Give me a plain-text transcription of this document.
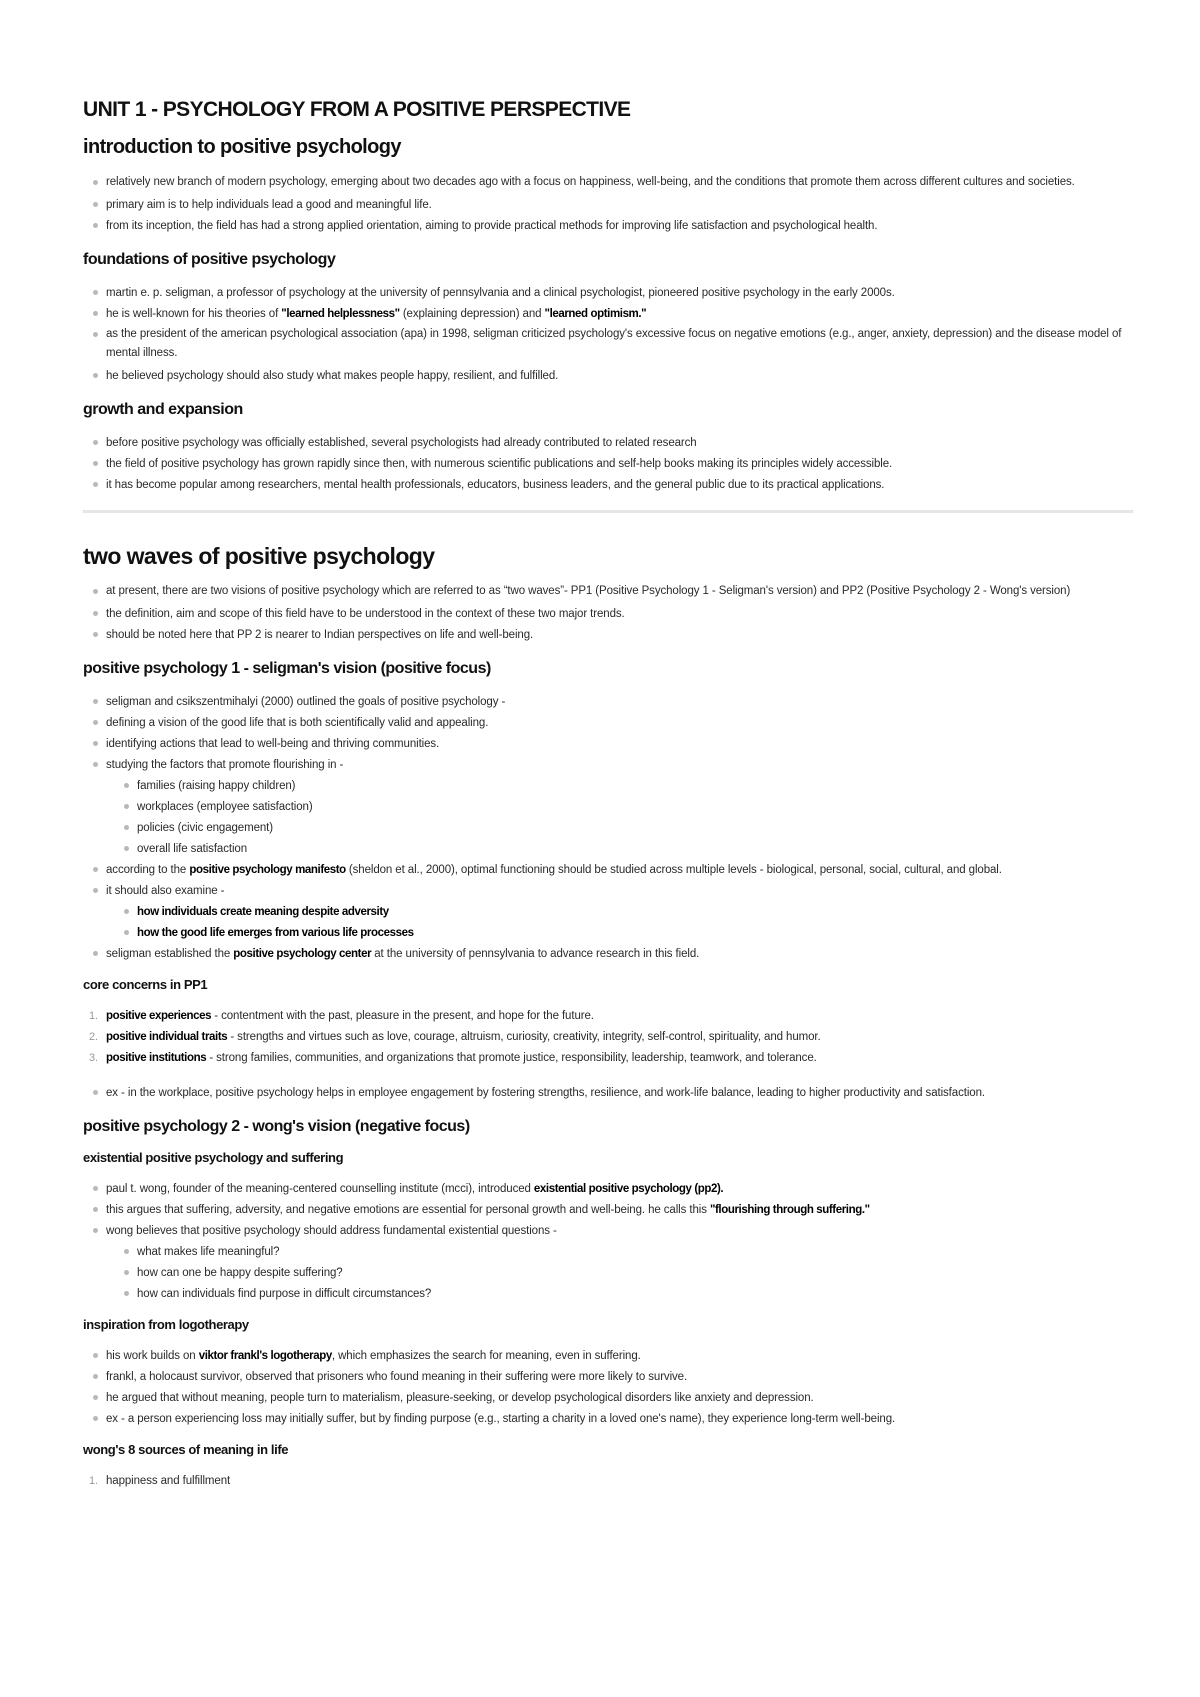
UNIT 1 - PSYCHOLOGY FROM A POSITIVE PERSPECTIVE
introduction to positive psychology
relatively new branch of modern psychology, emerging about two decades ago with a focus on happiness, well-being, and the conditions that promote them across different cultures and societies.
primary aim is to help individuals lead a good and meaningful life.
from its inception, the field has had a strong applied orientation, aiming to provide practical methods for improving life satisfaction and psychological health.
foundations of positive psychology
martin e. p. seligman, a professor of psychology at the university of pennsylvania and a clinical psychologist, pioneered positive psychology in the early 2000s.
he is well-known for his theories of "learned helplessness" (explaining depression) and "learned optimism."
as the president of the american psychological association (apa) in 1998, seligman criticized psychology's excessive focus on negative emotions (e.g., anger, anxiety, depression) and the disease model of mental illness.
he believed psychology should also study what makes people happy, resilient, and fulfilled.
growth and expansion
before positive psychology was officially established, several psychologists had already contributed to related research
the field of positive psychology has grown rapidly since then, with numerous scientific publications and self-help books making its principles widely accessible.
it has become popular among researchers, mental health professionals, educators, business leaders, and the general public due to its practical applications.
two waves of positive psychology
at present, there are two visions of positive psychology which are referred to as “two waves”- PP1 (Positive Psychology 1 - Seligman's version) and PP2 (Positive Psychology 2 - Wong's version)
the definition, aim and scope of this field have to be understood in the context of these two major trends.
should be noted here that PP 2 is nearer to Indian perspectives on life and well-being.
positive psychology 1 - seligman's vision (positive focus)
seligman and csikszentmihalyi (2000) outlined the goals of positive psychology -
defining a vision of the good life that is both scientifically valid and appealing.
identifying actions that lead to well-being and thriving communities.
studying the factors that promote flourishing in -
families (raising happy children)
workplaces (employee satisfaction)
policies (civic engagement)
overall life satisfaction
according to the positive psychology manifesto (sheldon et al., 2000), optimal functioning should be studied across multiple levels - biological, personal, social, cultural, and global.
it should also examine -
how individuals create meaning despite adversity
how the good life emerges from various life processes
seligman established the positive psychology center at the university of pennsylvania to advance research in this field.
core concerns in PP1
positive experiences - contentment with the past, pleasure in the present, and hope for the future.
positive individual traits - strengths and virtues such as love, courage, altruism, curiosity, creativity, integrity, self-control, spirituality, and humor.
positive institutions - strong families, communities, and organizations that promote justice, responsibility, leadership, teamwork, and tolerance.
ex - in the workplace, positive psychology helps in employee engagement by fostering strengths, resilience, and work-life balance, leading to higher productivity and satisfaction.
positive psychology 2 - wong's vision (negative focus)
existential positive psychology and suffering
paul t. wong, founder of the meaning-centered counselling institute (mcci), introduced existential positive psychology (pp2).
this argues that suffering, adversity, and negative emotions are essential for personal growth and well-being. he calls this "flourishing through suffering."
wong believes that positive psychology should address fundamental existential questions -
what makes life meaningful?
how can one be happy despite suffering?
how can individuals find purpose in difficult circumstances?
inspiration from logotherapy
his work builds on viktor frankl's logotherapy, which emphasizes the search for meaning, even in suffering.
frankl, a holocaust survivor, observed that prisoners who found meaning in their suffering were more likely to survive.
he argued that without meaning, people turn to materialism, pleasure-seeking, or develop psychological disorders like anxiety and depression.
ex - a person experiencing loss may initially suffer, but by finding purpose (e.g., starting a charity in a loved one's name), they experience long-term well-being.
wong's 8 sources of meaning in life
happiness and fulfillment
